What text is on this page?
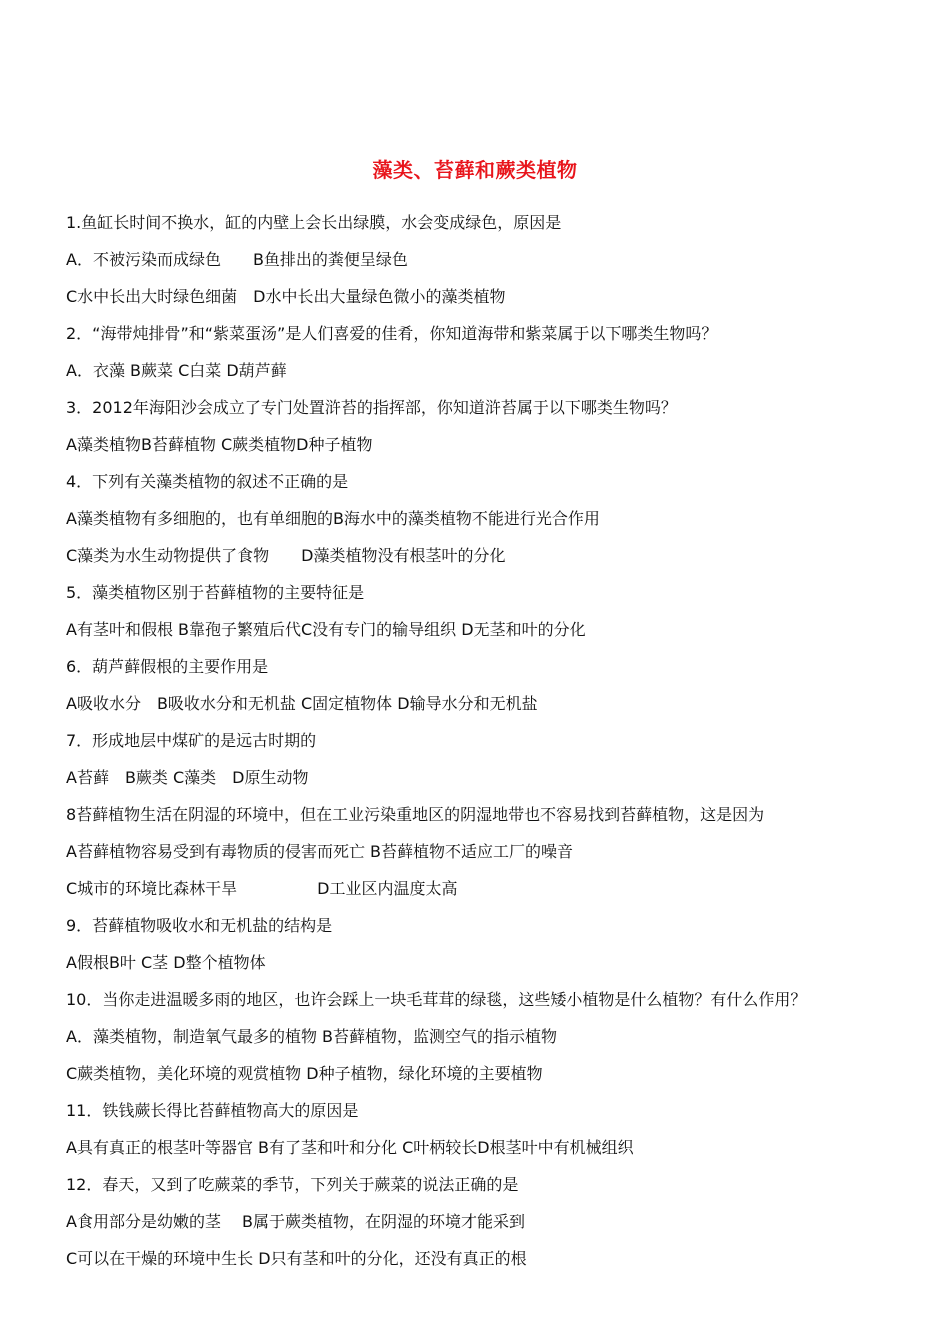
藻类、苔藓和蕨类植物
1.鱼缸长时间不换水，缸的内壁上会长出绿膜，水会变成绿色，原因是
A．不被污染而成绿色　　B鱼排出的粪便呈绿色
C水中长出大时绿色细菌　D水中长出大量绿色微小的藻类植物
2．“海带炖排骨”和“紫菜蛋汤”是人们喜爱的佳肴，你知道海带和紫菜属于以下哪类生物吗？
A．衣藻 B蕨菜 C白菜 D葫芦藓
3．2012年海阳沙会成立了专门处置浒苔的指挥部，你知道浒苔属于以下哪类生物吗？
A藻类植物B苔藓植物 C蕨类植物D种子植物
4．下列有关藻类植物的叙述不正确的是
A藻类植物有多细胞的，也有单细胞的B海水中的藻类植物不能进行光合作用
C藻类为水生动物提供了食物　　D藻类植物没有根茎叶的分化
5．藻类植物区别于苔藓植物的主要特征是
A有茎叶和假根 B靠孢子繁殖后代C没有专门的输导组织 D无茎和叶的分化
6．葫芦藓假根的主要作用是
A吸收水分　B吸收水分和无机盐 C固定植物体 D输导水分和无机盐
7．形成地层中煤矿的是远古时期的
A苔藓　B蕨类 C藻类　D原生动物
8苔藓植物生活在阴湿的环境中，但在工业污染重地区的阴湿地带也不容易找到苔藓植物，这是因为
A苔藓植物容易受到有毒物质的侵害而死亡 B苔藓植物不适应工厂的噪音
C城市的环境比森林干旱　　　　　D工业区内温度太高
9．苔藓植物吸收水和无机盐的结构是
A假根B叶 C茎 D整个植物体
10．当你走进温暖多雨的地区，也许会踩上一块毛茸茸的绿毯，这些矮小植物是什么植物？有什么作用？
A．藻类植物，制造氧气最多的植物 B苔藓植物，监测空气的指示植物
C蕨类植物，美化环境的观赏植物 D种子植物，绿化环境的主要植物
11．铁钱蕨长得比苔藓植物高大的原因是
A具有真正的根茎叶等器官 B有了茎和叶和分化 C叶柄较长D根茎叶中有机械组织
12．春天，又到了吃蕨菜的季节，下列关于蕨菜的说法正确的是
A食用部分是幼嫩的茎　 B属于蕨类植物，在阴湿的环境才能采到
C可以在干燥的环境中生长 D只有茎和叶的分化，还没有真正的根
